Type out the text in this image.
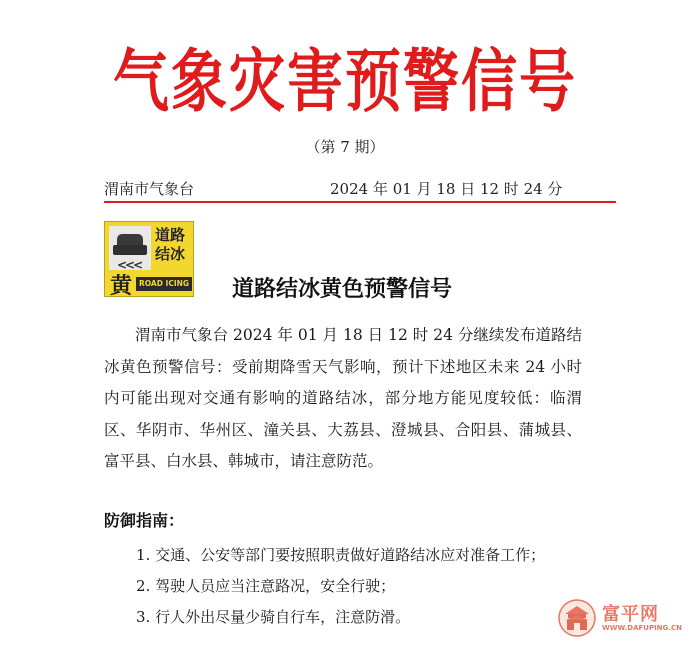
气象灾害预警信号
（第 7 期）
渭南市气象台	2024 年 01 月 18 日 12 时 24 分
<<<
道路结冰
黄 ROAD ICING 道路结冰黄色预警信号
渭南市气象台 2024 年 01 月 18 日 12 时 24 分继续发布道路结冰黄色预警信号：受前期降雪天气影响，预计下述地区未来 24 小时内可能出现对交通有影响的道路结冰，部分地方能见度较低：临渭区、华阴市、华州区、潼关县、大荔县、澄城县、合阳县、蒲城县、富平县、白水县、韩城市，请注意防范。
防御指南：
1. 交通、公安等部门要按照职责做好道路结冰应对准备工作；
2. 驾驶人员应当注意路况，安全行驶；
3. 行人外出尽量少骑自行车，注意防滑。	富平网
WWW.DAFUPING.CN
